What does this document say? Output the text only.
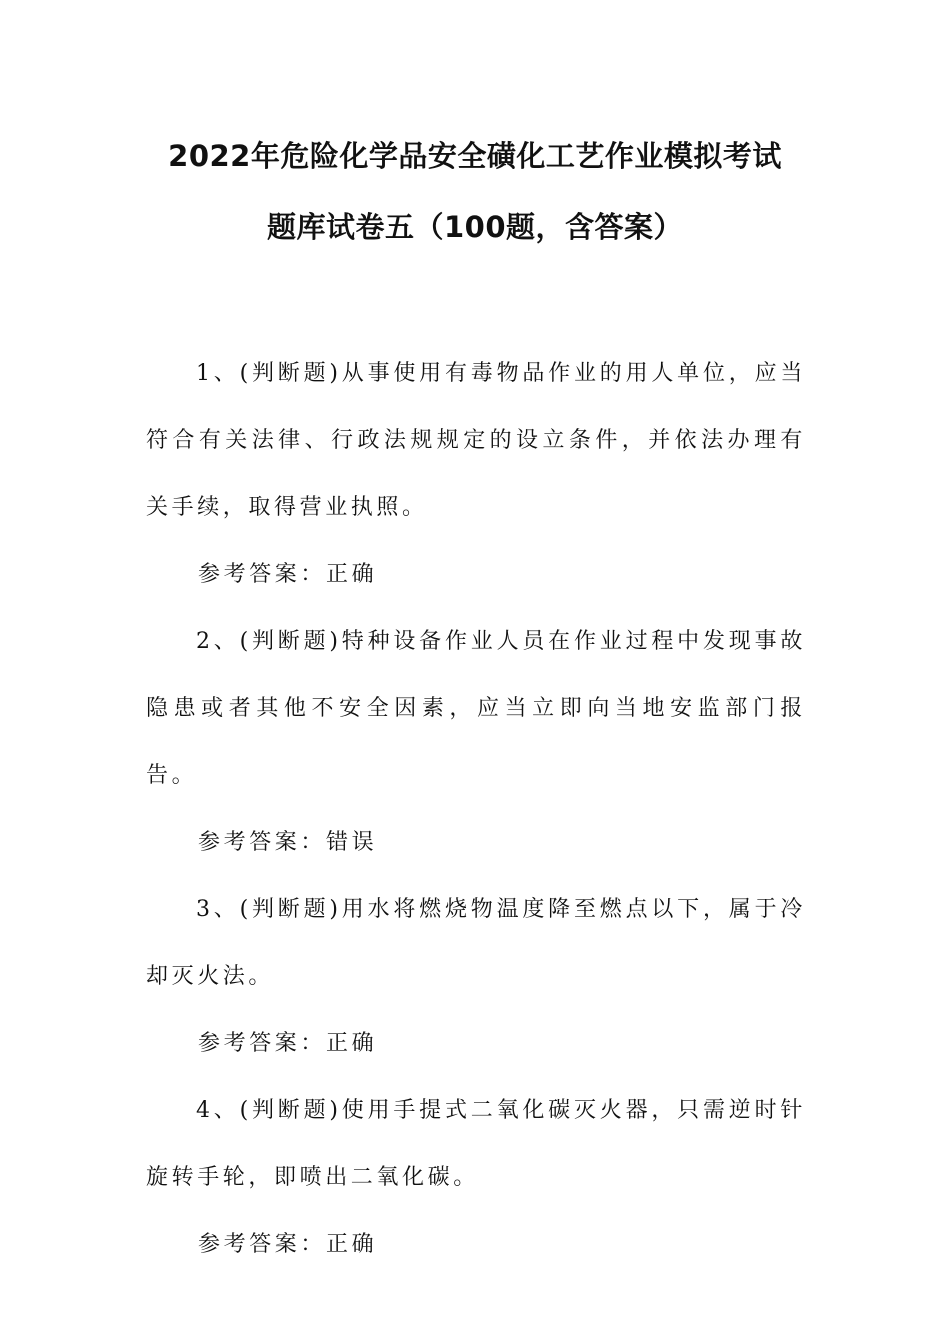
2022年危险化学品安全磺化工艺作业模拟考试
题库试卷五（100题，含答案）

1、(判断题)从事使用有毒物品作业的用人单位，应当符合有关法律、行政法规规定的设立条件，并依法办理有关手续，取得营业执照。

参考答案：正确

2、(判断题)特种设备作业人员在作业过程中发现事故隐患或者其他不安全因素，应当立即向当地安监部门报告。

参考答案：错误

3、(判断题)用水将燃烧物温度降至燃点以下，属于冷却灭火法。

参考答案：正确

4、(判断题)使用手提式二氧化碳灭火器，只需逆时针旋转手轮，即喷出二氧化碳。

参考答案：正确
